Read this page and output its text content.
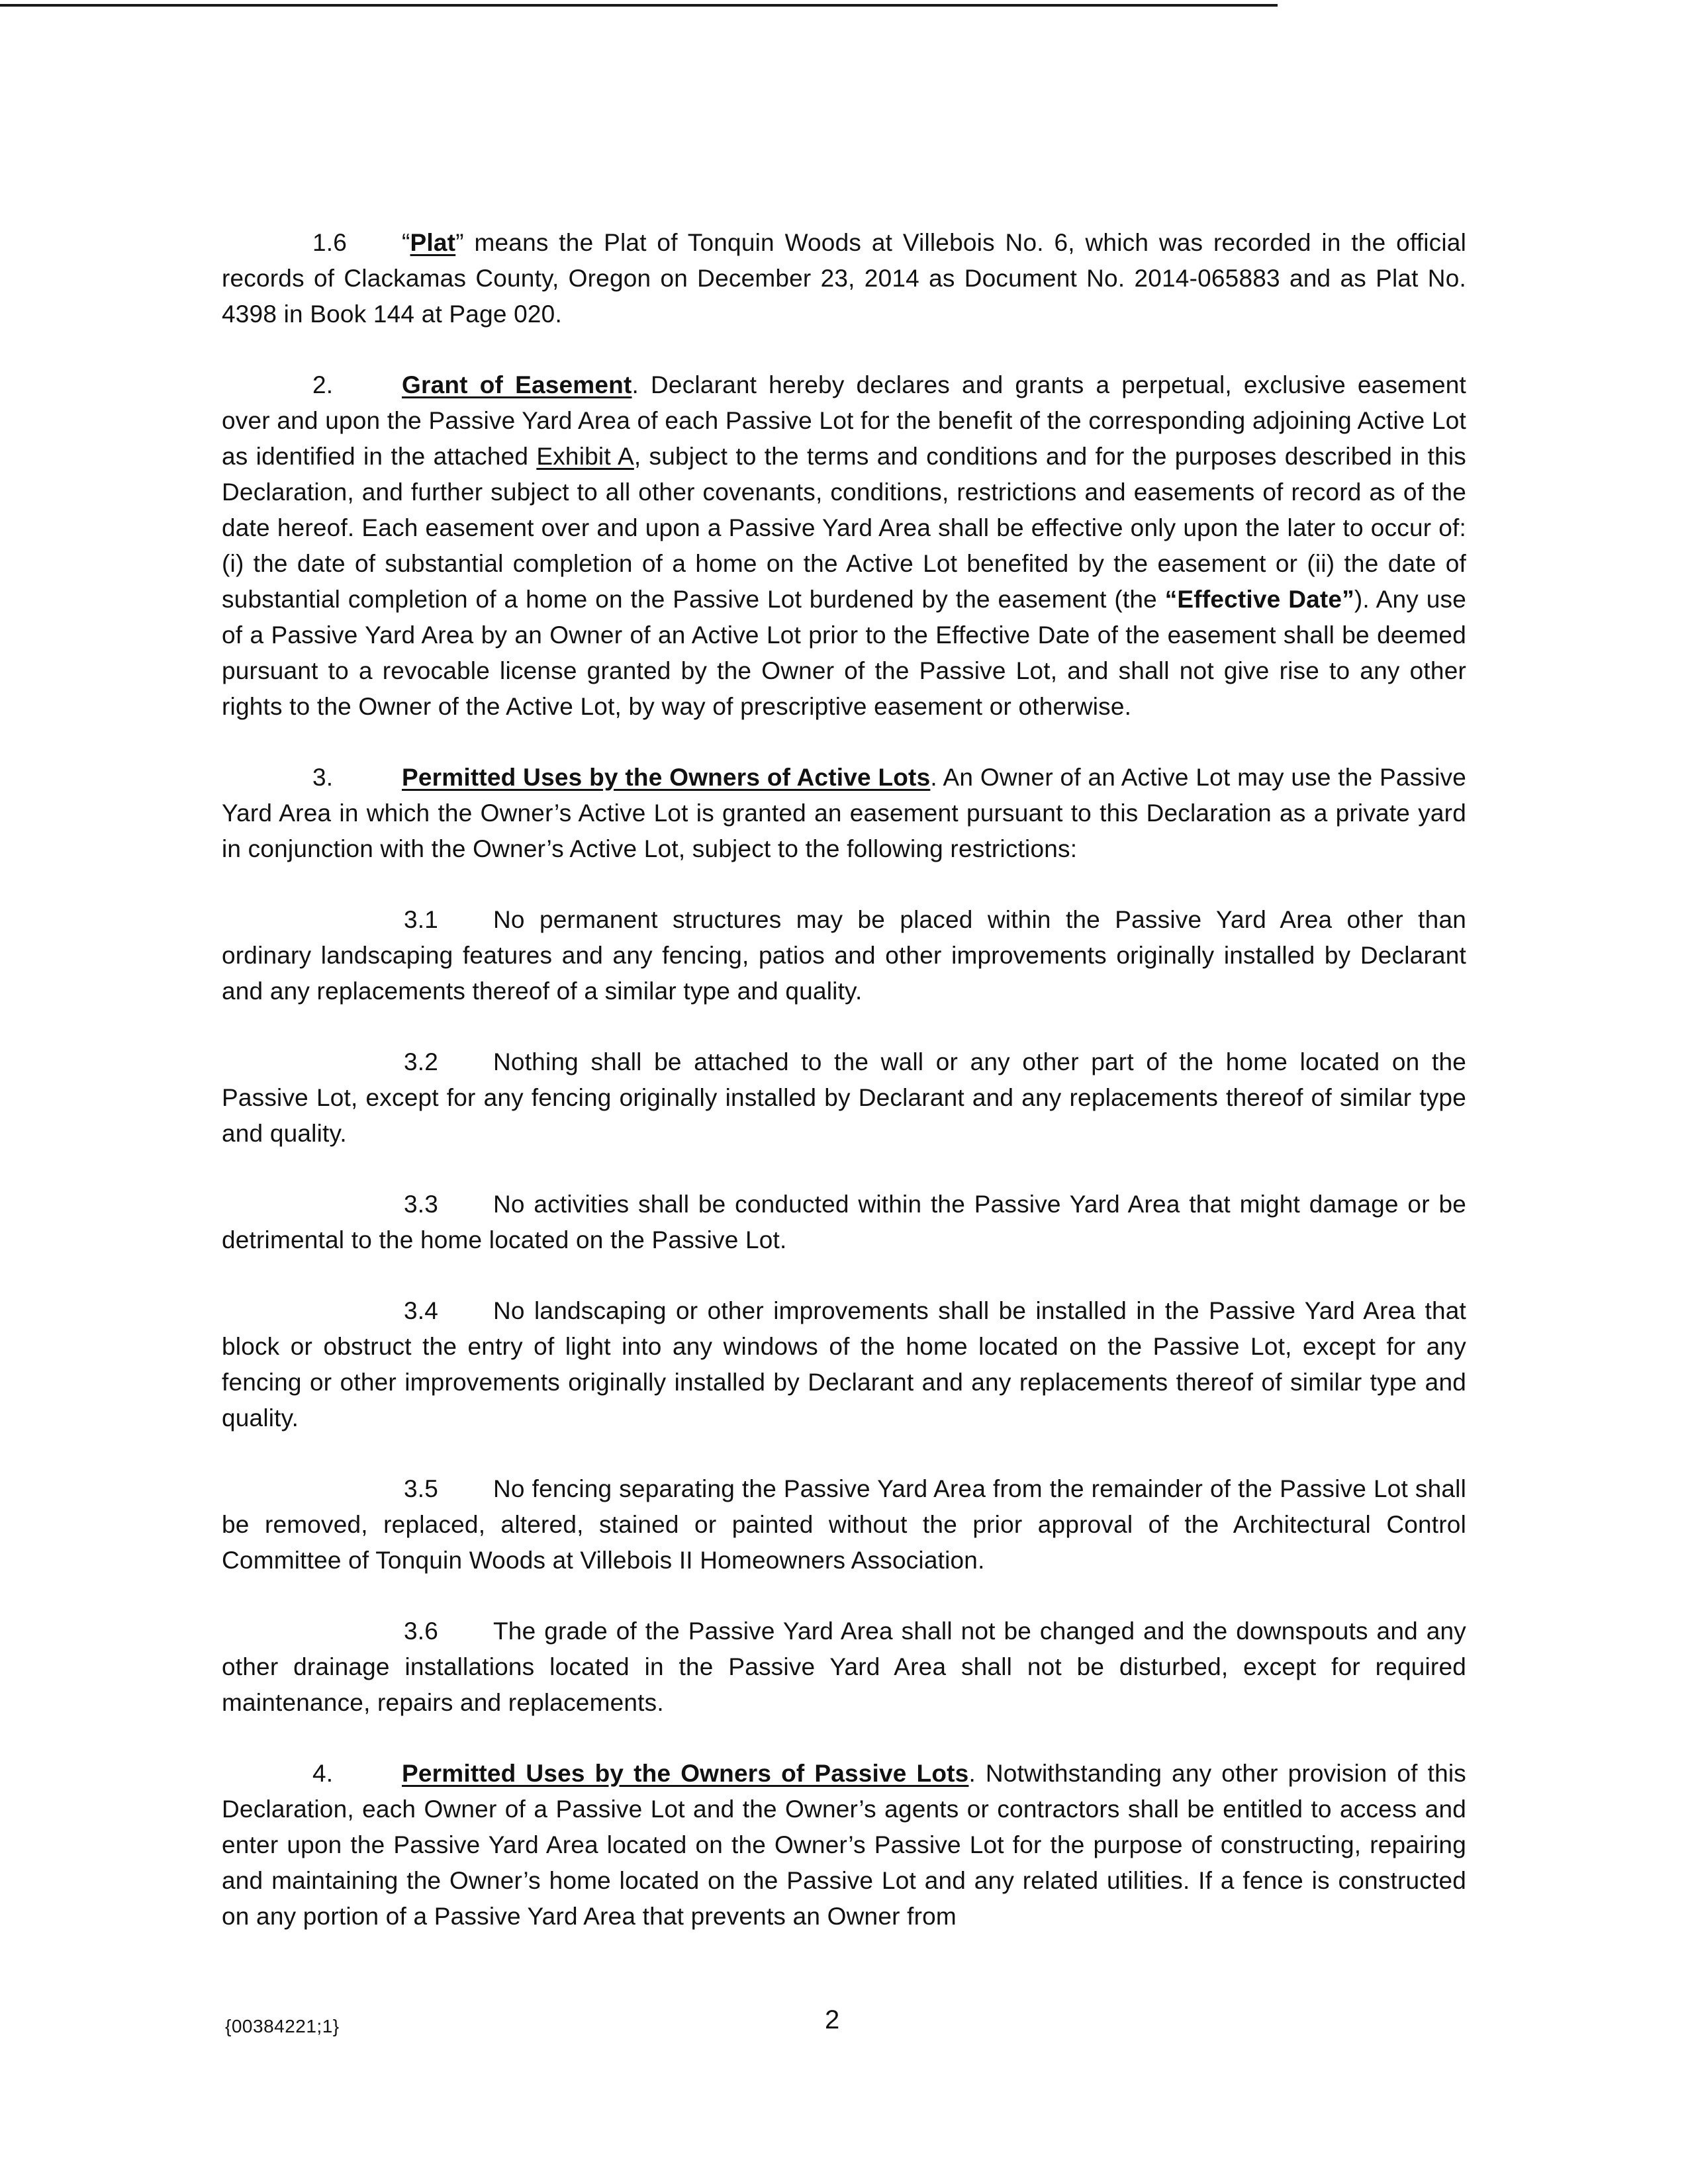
1.6 “Plat” means the Plat of Tonquin Woods at Villebois No. 6, which was recorded in the official records of Clackamas County, Oregon on December 23, 2014 as Document No. 2014-065883 and as Plat No. 4398 in Book 144 at Page 020.

2.	Grant of Easement. Declarant hereby declares and grants a perpetual, exclusive easement over and upon the Passive Yard Area of each Passive Lot for the benefit of the corresponding adjoining Active Lot as identified in the attached Exhibit A, subject to the terms and conditions and for the purposes described in this Declaration, and further subject to all other covenants, conditions, restrictions and easements of record as of the date hereof. Each easement over and upon a Passive Yard Area shall be effective only upon the later to occur of: (i) the date of substantial completion of a home on the Active Lot benefited by the easement or (ii) the date of substantial completion of a home on the Passive Lot burdened by the easement (the “Effective Date”). Any use of a Passive Yard Area by an Owner of an Active Lot prior to the Effective Date of the easement shall be deemed pursuant to a revocable license granted by the Owner of the Passive Lot, and shall not give rise to any other rights to the Owner of the Active Lot, by way of prescriptive easement or otherwise.

3.	Permitted Uses by the Owners of Active Lots. An Owner of an Active Lot may use the Passive Yard Area in which the Owner’s Active Lot is granted an easement pursuant to this Declaration as a private yard in conjunction with the Owner’s Active Lot, subject to the following restrictions:

3.1 No permanent structures may be placed within the Passive Yard Area other than ordinary landscaping features and any fencing, patios and other improvements originally installed by Declarant and any replacements thereof of a similar type and quality.

3.2 Nothing shall be attached to the wall or any other part of the home located on the Passive Lot, except for any fencing originally installed by Declarant and any replacements thereof of similar type and quality.

3.3 No activities shall be conducted within the Passive Yard Area that might damage or be detrimental to the home located on the Passive Lot.

3.4 No landscaping or other improvements shall be installed in the Passive Yard Area that block or obstruct the entry of light into any windows of the home located on the Passive Lot, except for any fencing or other improvements originally installed by Declarant and any replacements thereof of similar type and quality.

3.5 No fencing separating the Passive Yard Area from the remainder of the Passive Lot shall be removed, replaced, altered, stained or painted without the prior approval of the Architectural Control Committee of Tonquin Woods at Villebois II Homeowners Association.

3.6 The grade of the Passive Yard Area shall not be changed and the downspouts and any other drainage installations located in the Passive Yard Area shall not be disturbed, except for required maintenance, repairs and replacements.

4.	Permitted Uses by the Owners of Passive Lots. Notwithstanding any other provision of this Declaration, each Owner of a Passive Lot and the Owner’s agents or contractors shall be entitled to access and enter upon the Passive Yard Area located on the Owner’s Passive Lot for the purpose of constructing, repairing and maintaining the Owner’s home located on the Passive Lot and any related utilities. If a fence is constructed on any portion of a Passive Yard Area that prevents an Owner from

{00384221;1}	2
